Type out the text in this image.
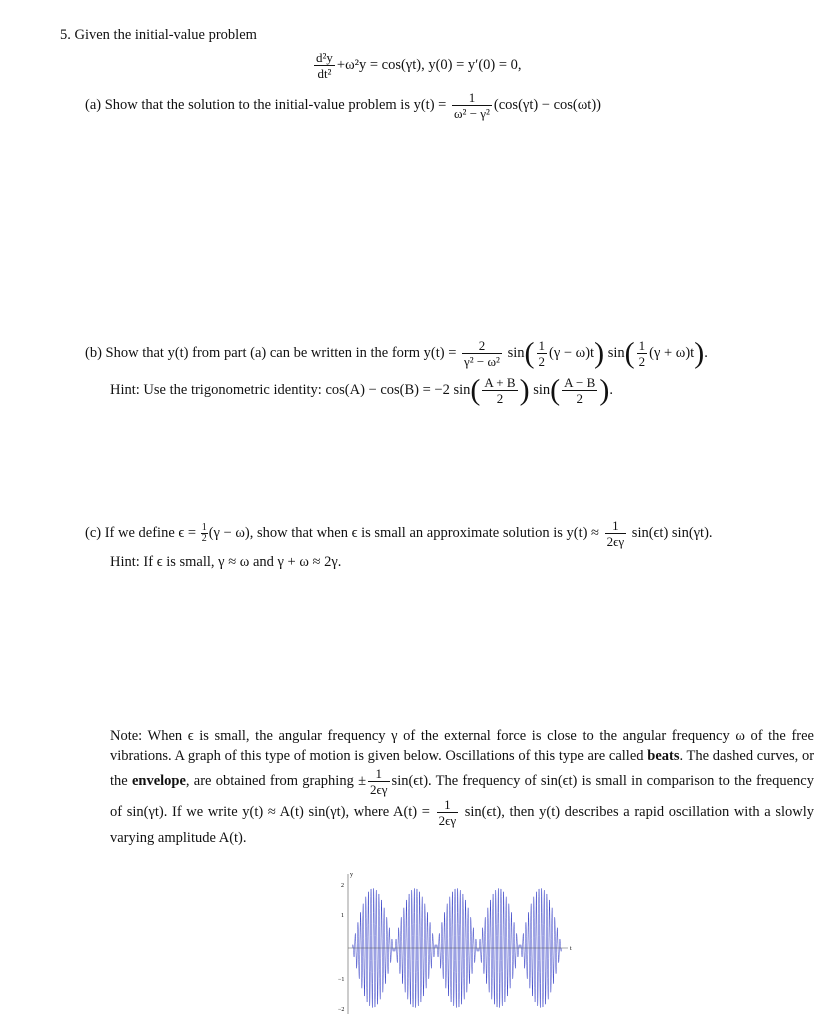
5. Given the initial-value problem
$\frac{\text{d²y}}{\text{dt²}} +\omega^2y = \cos(\gamma t)$, y(0) = y′(0) = 0,
(a) Show that the solution to the initial-value problem is $y(t) = \frac{1}{\text{ω² − γ²}} (\cos(\gamma t) - \cos(\omega t))$
(b) Show that y(t) from part (a) can be written in the form $y(t) = \frac{2}{\text{γ² − ω²}} \sin( \frac{1}{2} (\gamma - \omega)t)$ $\sin( \frac{1}{2} (\gamma + \omega)t)$.
Hint: Use the trigonometric identity: cos(A) − cos(B) = −2 $\sin( \frac{A + B}{2}$ ) $\sin( \frac{A - B}{2}$ ).
(c) If we define $\epsilon = \frac{1}{2} (\gamma - \omega)$, show that when ϵ is small an approximate solution is $y(t) \approx \frac{1}{2\epsilon\gamma} \sin(\epsilon t)$ sin(γt).
Hint: If ϵ is small, γ ≈ ω and γ + ω ≈ 2γ.
Note: When ϵ is small, the angular frequency γ of the external force is close to the angular frequency ω of the free vibrations. A graph of this type of motion is given below. Oscillations of this type are called beats. The dashed curves, or the envelope, are obtained from graphing ± $\frac{1}{2\epsilon\gamma} \sin(\epsilon t)$. The frequency of sin(ϵt) is small in comparison to the frequency of sin(γt). If we write y(t) ≈ A(t) sin(γt), where $A(t) = \frac{1}{2\epsilon\gamma} \sin(\epsilon t)$, then y(t) describes a rapid oscillation with a slowly varying amplitude A(t).
y
t
2
1
−1
−2
